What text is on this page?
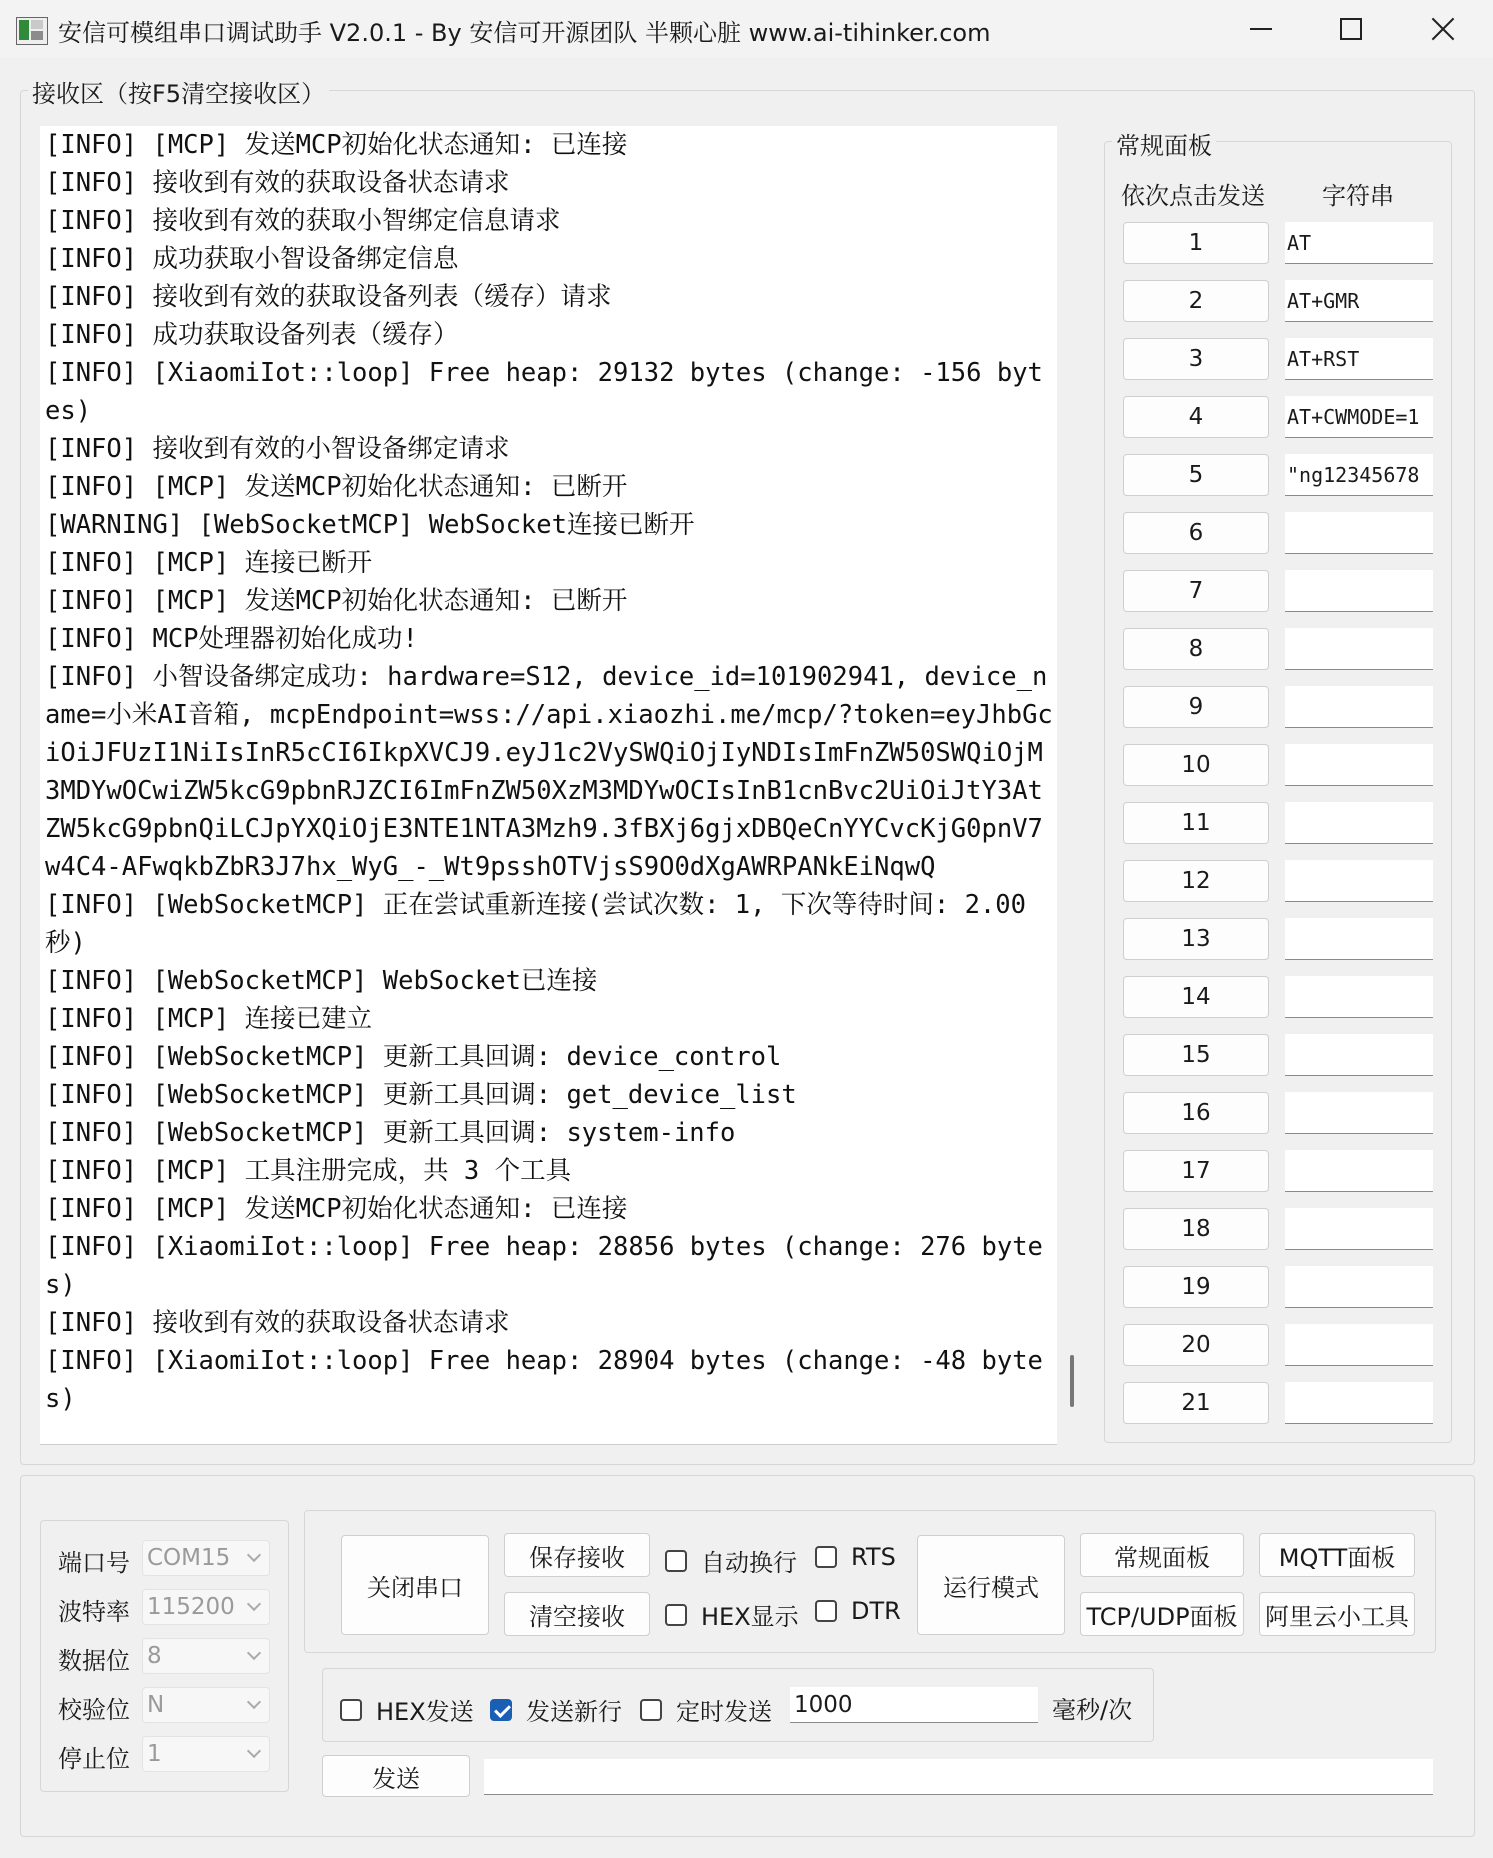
安信可模组串口调试助手 V2.0.1 - By 安信可开源团队 半颗心脏 www.ai-tihinker.com
接收区（按F5清空接收区）
[INFO] [MCP] 发送MCP初始化状态通知: 已连接
[INFO] 接收到有效的获取设备状态请求
[INFO] 接收到有效的获取小智绑定信息请求
[INFO] 成功获取小智设备绑定信息
[INFO] 接收到有效的获取设备列表（缓存）请求
[INFO] 成功获取设备列表（缓存）
[INFO] [XiaomiIot::loop] Free heap: 29132 bytes (change: -156 bytes)
[INFO] 接收到有效的小智设备绑定请求
[INFO] [MCP] 发送MCP初始化状态通知: 已断开
[WARNING] [WebSocketMCP] WebSocket连接已断开
[INFO] [MCP] 连接已断开
[INFO] [MCP] 发送MCP初始化状态通知: 已断开
[INFO] MCP处理器初始化成功!
[INFO] 小智设备绑定成功: hardware=S12, device_id=101902941, device_name=小米AI音箱, mcpEndpoint=wss://api.xiaozhi.me/mcp/?token=eyJhbGciOiJFUzI1NiIsInR5cCI6IkpXVCJ9.eyJ1c2VySWQiOjIyNDIsImFnZW50SWQiOjM3MDYwOCwiZW5kcG9pbnRJZCI6ImFnZW50XzM3MDYwOCIsInB1cnBvc2UiOiJtY3AtZW5kcG9pbnQiLCJpYXQiOjE3NTE1NTA3Mzh9.3fBXj6gjxDBQeCnYYCvcKjG0pnV7w4C4-AFwqkbZbR3J7hx_WyG_-_Wt9psshOTVjsS9O0dXgAWRPANkEiNqwQ
[INFO] [WebSocketMCP] 正在尝试重新连接(尝试次数: 1, 下次等待时间: 2.00秒)
[INFO] [WebSocketMCP] WebSocket已连接
[INFO] [MCP] 连接已建立
[INFO] [WebSocketMCP] 更新工具回调: device_control
[INFO] [WebSocketMCP] 更新工具回调: get_device_list
[INFO] [WebSocketMCP] 更新工具回调: system-info
[INFO] [MCP] 工具注册完成，共 3 个工具
[INFO] [MCP] 发送MCP初始化状态通知: 已连接
[INFO] [XiaomiIot::loop] Free heap: 28856 bytes (change: 276 bytes)
[INFO] 接收到有效的获取设备状态请求
[INFO] [XiaomiIot::loop] Free heap: 28904 bytes (change: -48 bytes)
常规面板
依次点击发送 字符串
1	AT
2	AT+GMR
3	AT+RST
4	AT+CWMODE=1
5	ng12345678"
6
7
8
9
10
11
12
13
14
15
16
17
18
19
20
21
端口号 COM15
波特率 115200
数据位 8
校验位 N
停止位 1
关闭串口
保存接收
清空接收
自动换行
HEX显示
RTS
DTR
运行模式
常规面板	MQTT面板
TCP/UDP面板 阿里云小工具
HEX发送 发送新行 定时发送 1000	毫秒/次
发送
